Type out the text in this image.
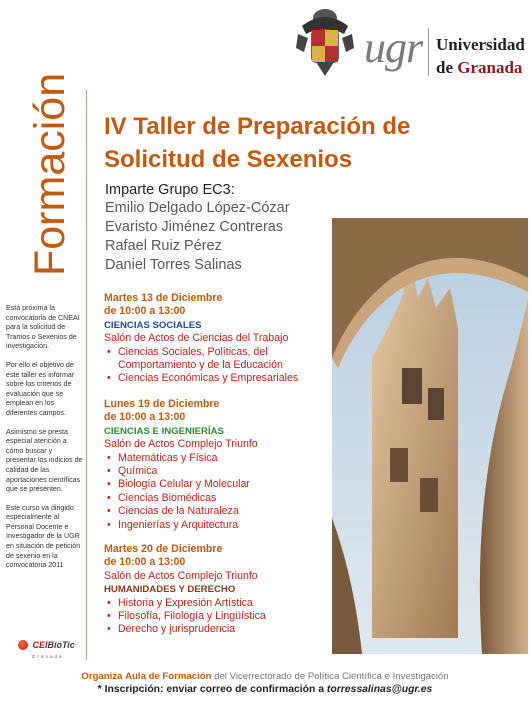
ugr Universidad
de Granada
Formación

Está próxima la convocatoria de CNEAI para la solicitud de Tramos o Sexenios de investigación.

Por ello el objetivo de este taller es informar sobre los criterios de evaluación que se emplean en los diferentes campos.

Asimismo se presta especial atención a cómo buscar y presentar los indicios de calidad de las aportaciones científicas que se presenten.

Este curso va dirigido especialmente al Personal Docente e Investigador de la UGR en situación de petición de sexenio en la convocatoria 2011

CEIBioTic
Granada
IV Taller de Preparación de
Solicitud de Sexenios
Imparte Grupo EC3:
Emilio Delgado López-Cózar
Evaristo Jiménez Contreras
Rafael Ruiz Pérez
Daniel Torres Salinas
Martes 13 de Diciembre
de 10:00 a 13:00
CIENCIAS SOCIALES
Salón de Actos de Ciencias del Trabajo
• Ciencias Sociales, Políticas, del Comportamiento y de la Educación
• Ciencias Económicas y Empresariales
Lunes 19 de Diciembre
de 10:00 a 13:00
CIENCIAS E INGENIERÍAS
Salón de Actos Complejo Triunfo
• Matemáticas y Física
• Química
• Biología Celular y Molecular
• Ciencias Biomédicas
• Ciencias de la Naturaleza
• Ingenierías y Arquitectura
Martes 20 de Diciembre
de 10:00 a 13:00
Salón de Actos Complejo Triunfo
HUMANIDADES Y DERECHO
• Historia y Expresión Artística
• Filosofía, Filología y Lingüística
• Derecho y jurisprudencia
Organiza Aula de Formación del Vicerrectorado de Política Científica e Investigación
* Inscripción: enviar correo de confirmación a torressalinas@ugr.es
